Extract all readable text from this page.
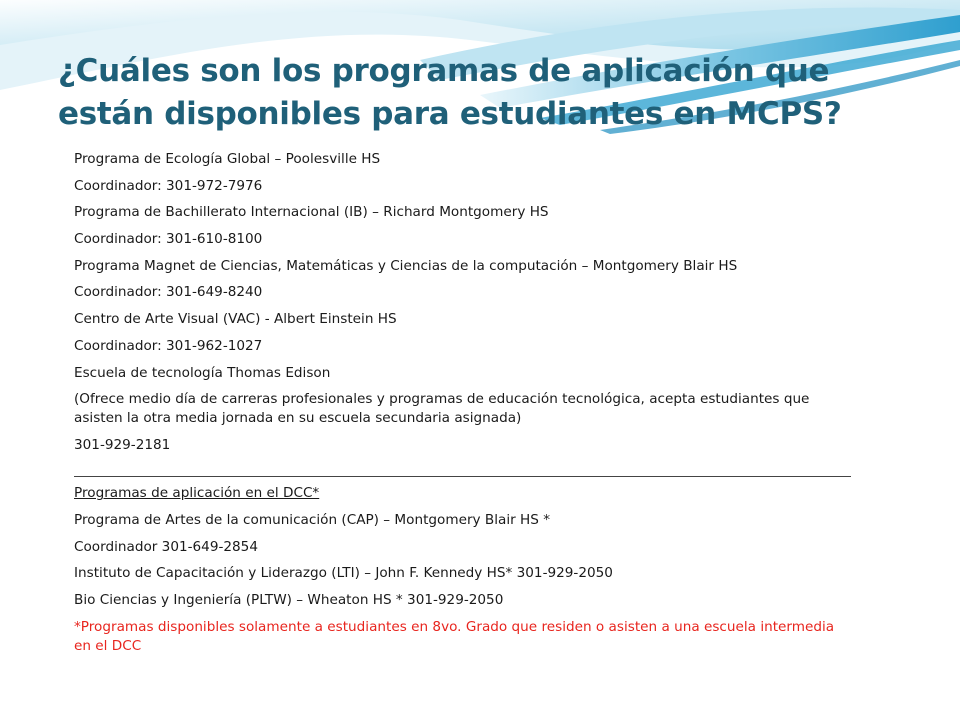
¿Cuáles son los programas de aplicación que
están disponibles para estudiantes en MCPS?
Programa de Ecología Global – Poolesville HS
Coordinador: 301-972-7976
Programa de Bachillerato Internacional (IB) – Richard Montgomery HS
Coordinador: 301-610-8100
Programa Magnet de Ciencias, Matemáticas y Ciencias de la computación – Montgomery Blair HS
Coordinador: 301-649-8240
Centro de Arte Visual (VAC) - Albert Einstein HS
Coordinador: 301-962-1027
Escuela de tecnología Thomas Edison
(Ofrece medio día de carreras profesionales y programas de educación tecnológica, acepta estudiantes que
asisten la otra media jornada en su escuela secundaria asignada)
301-929-2181
Programas de aplicación en el DCC*
Programa de Artes de la comunicación (CAP) – Montgomery Blair HS *
Coordinador 301-649-2854
Instituto de Capacitación y Liderazgo (LTI) – John F. Kennedy HS* 301-929-2050
Bio Ciencias y Ingeniería (PLTW) – Wheaton HS * 301-929-2050
*Programas disponibles solamente a estudiantes en 8vo. Grado que residen o asisten a una escuela intermedia
en el DCC
